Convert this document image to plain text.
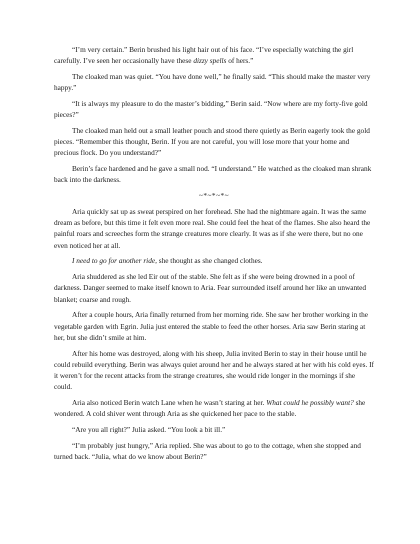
“I’m very certain.” Berin brushed his light hair out of his face. “I’ve especially watching the girl carefully. I’ve seen her occasionally have these dizzy spells of hers.”

The cloaked man was quiet. “You have done well,” he finally said. “This should make the master very happy.”

“It is always my pleasure to do the master’s bidding,” Berin said. “Now where are my forty-five gold pieces?”

The cloaked man held out a small leather pouch and stood there quietly as Berin eagerly took the gold pieces. “Remember this thought, Berin. If you are not careful, you will lose more that your home and precious flock. Do you understand?”

Berin’s face hardened and he gave a small nod. “I understand.” He watched as the cloaked man shrank back into the darkness.

~*~*~*~

Aria quickly sat up as sweat perspired on her forehead. She had the nightmare again. It was the same dream as before, but this time it felt even more real. She could feel the heat of the flames. She also heard the painful roars and screeches form the strange creatures more clearly. It was as if she were there, but no one even noticed her at all.

I need to go for another ride, she thought as she changed clothes.

Aria shuddered as she led Eir out of the stable. She felt as if she were being drowned in a pool of darkness. Danger seemed to make itself known to Aria. Fear surrounded itself around her like an unwanted blanket; coarse and rough.

After a couple hours, Aria finally returned from her morning ride. She saw her brother working in the vegetable garden with Egrin. Julia just entered the stable to feed the other horses. Aria saw Berin staring at her, but she didn’t smile at him.

After his home was destroyed, along with his sheep, Julia invited Berin to stay in their house until he could rebuild everything. Berin was always quiet around her and he always stared at her with his cold eyes. If it weren’t for the recent attacks from the strange creatures, she would ride longer in the mornings if she could.

Aria also noticed Berin watch Lane when he wasn’t staring at her. What could he possibly want? she wondered. A cold shiver went through Aria as she quickened her pace to the stable.

“Are you all right?” Julia asked. “You look a bit ill.”

“I’m probably just hungry,” Aria replied. She was about to go to the cottage, when she stopped and turned back. “Julia, what do we know about Berin?”
